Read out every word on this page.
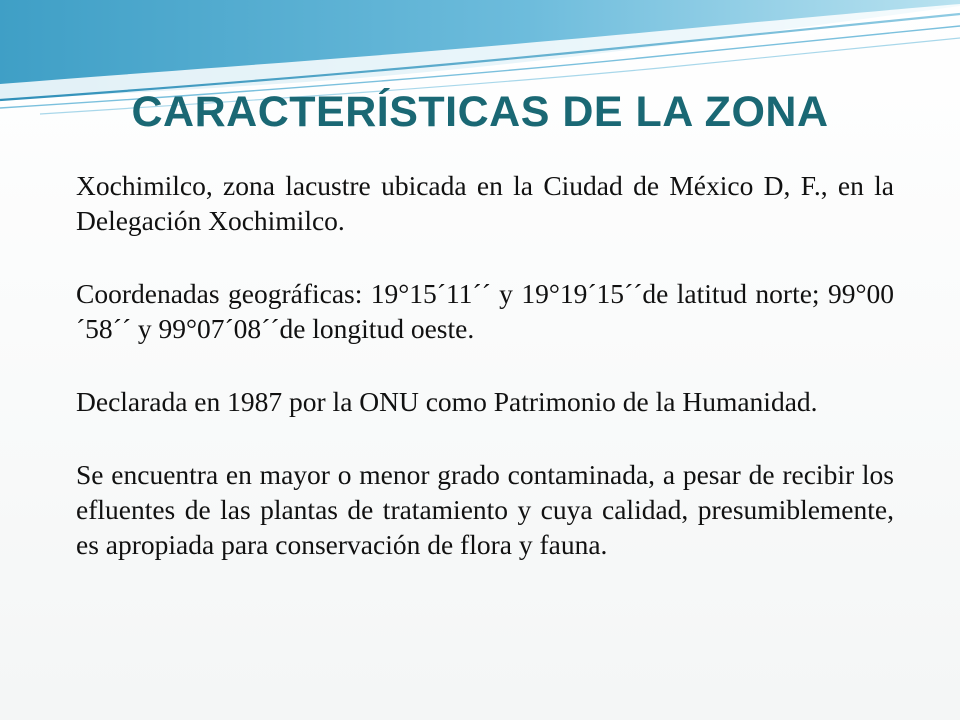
CARACTERÍSTICAS DE LA ZONA

Xochimilco, zona lacustre ubicada en la Ciudad de México D, F., en la Delegación Xochimilco.

Coordenadas geográficas: 19°15´11´´ y 19°19´15´´de latitud norte; 99°00´58´´ y 99°07´08´´de longitud oeste.

Declarada en 1987 por la ONU como Patrimonio de la Humanidad.

Se encuentra en mayor o menor grado contaminada, a pesar de recibir los efluentes de las plantas de tratamiento y cuya calidad, presumiblemente, es apropiada para conservación de flora y fauna.
